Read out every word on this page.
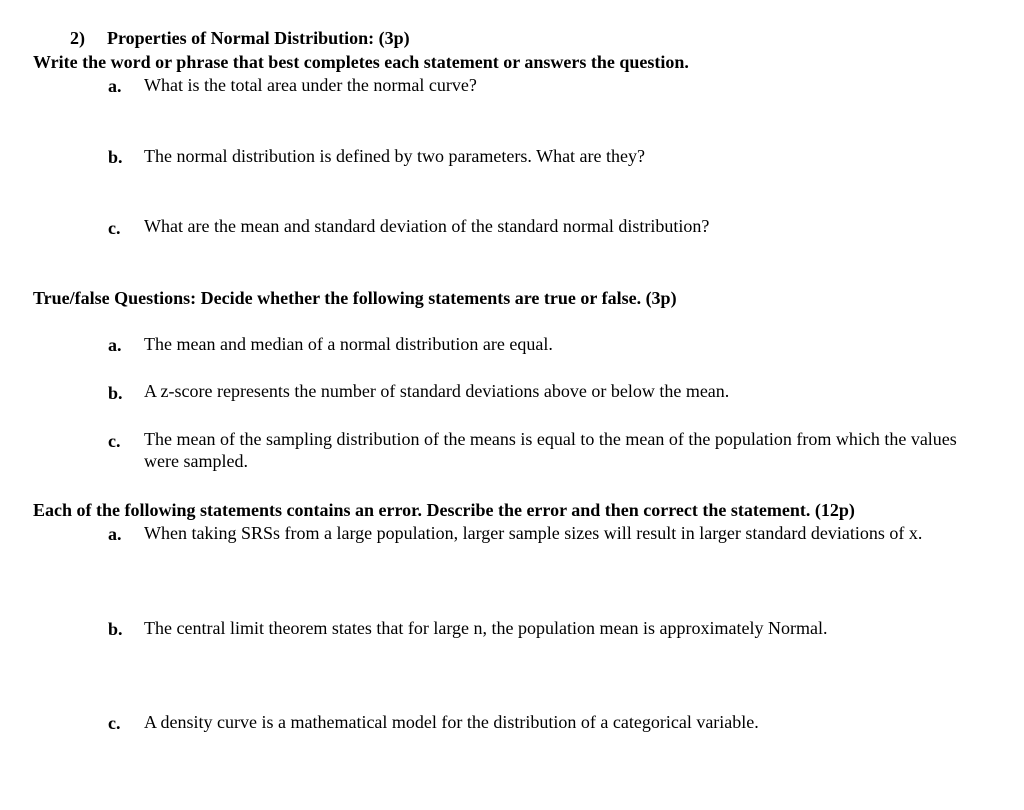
2) Properties of Normal Distribution: (3p)
Write the word or phrase that best completes each statement or answers the question.
a. What is the total area under the normal curve?
b. The normal distribution is defined by two parameters. What are they?
c. What are the mean and standard deviation of the standard normal distribution?
True/false Questions: Decide whether the following statements are true or false. (3p)
a. The mean and median of a normal distribution are equal.
b. A z-score represents the number of standard deviations above or below the mean.
c. The mean of the sampling distribution of the means is equal to the mean of the population from which the values were sampled.
Each of the following statements contains an error. Describe the error and then correct the statement. (12p)
a. When taking SRSs from a large population, larger sample sizes will result in larger standard deviations of x.
b. The central limit theorem states that for large n, the population mean is approximately Normal.
c. A density curve is a mathematical model for the distribution of a categorical variable.
